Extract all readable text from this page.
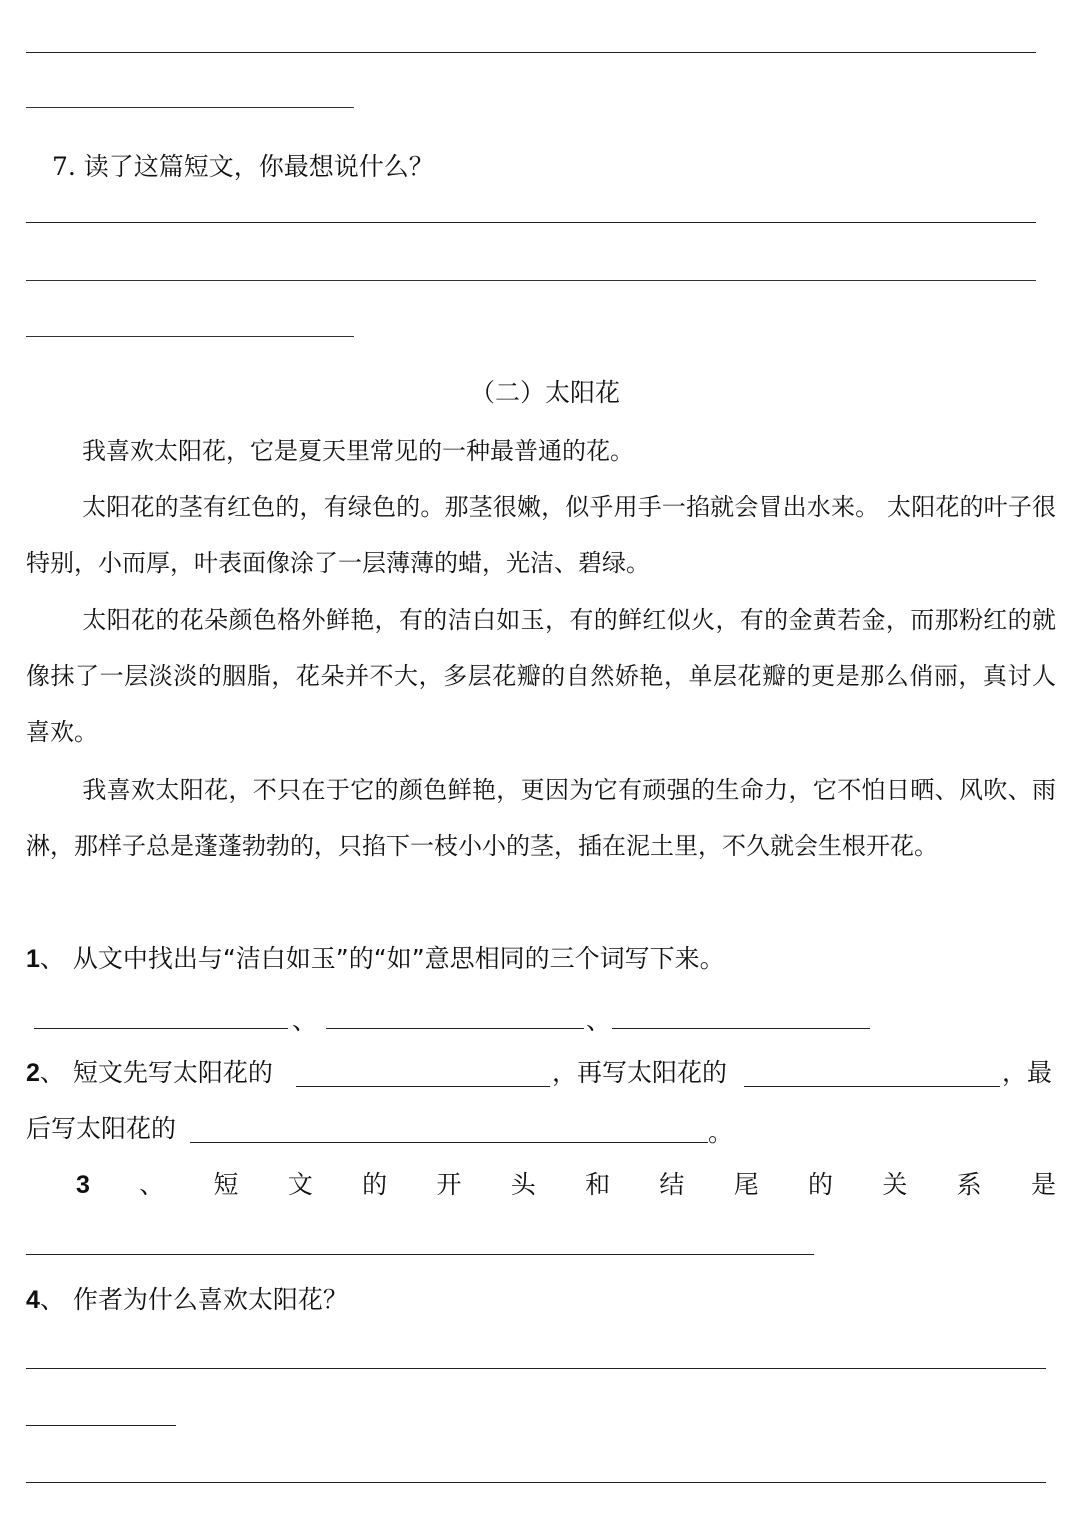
7. 读了这篇短文，你最想说什么？
（二）太阳花
我喜欢太阳花，它是夏天里常见的一种最普通的花。
太阳花的茎有红色的，有绿色的。那茎很嫩，似乎用手一掐就会冒出水来。 太阳花的叶子很特别，小而厚，叶表面像涂了一层薄薄的蜡，光洁、碧绿。
太阳花的花朵颜色格外鲜艳，有的洁白如玉，有的鲜红似火，有的金黄若金，而那粉红的就像抹了一层淡淡的胭脂，花朵并不大，多层花瓣的自然娇艳，单层花瓣的更是那么俏丽，真讨人喜欢。
我喜欢太阳花，不只在于它的颜色鲜艳，更因为它有顽强的生命力，它不怕日晒、风吹、雨淋，那样子总是蓬蓬勃勃的，只掐下一枝小小的茎，插在泥土里，不久就会生根开花。
1、 从文中找出与“洁白如玉”的“如”意思相同的三个词写下来。
、	、
2、 短文先写太阳花的	，再写太阳花的	，最
后写太阳花的	。
3 、 短 文 的 开 头 和 结 尾 的 关 系 是
4、 作者为什么喜欢太阳花？
